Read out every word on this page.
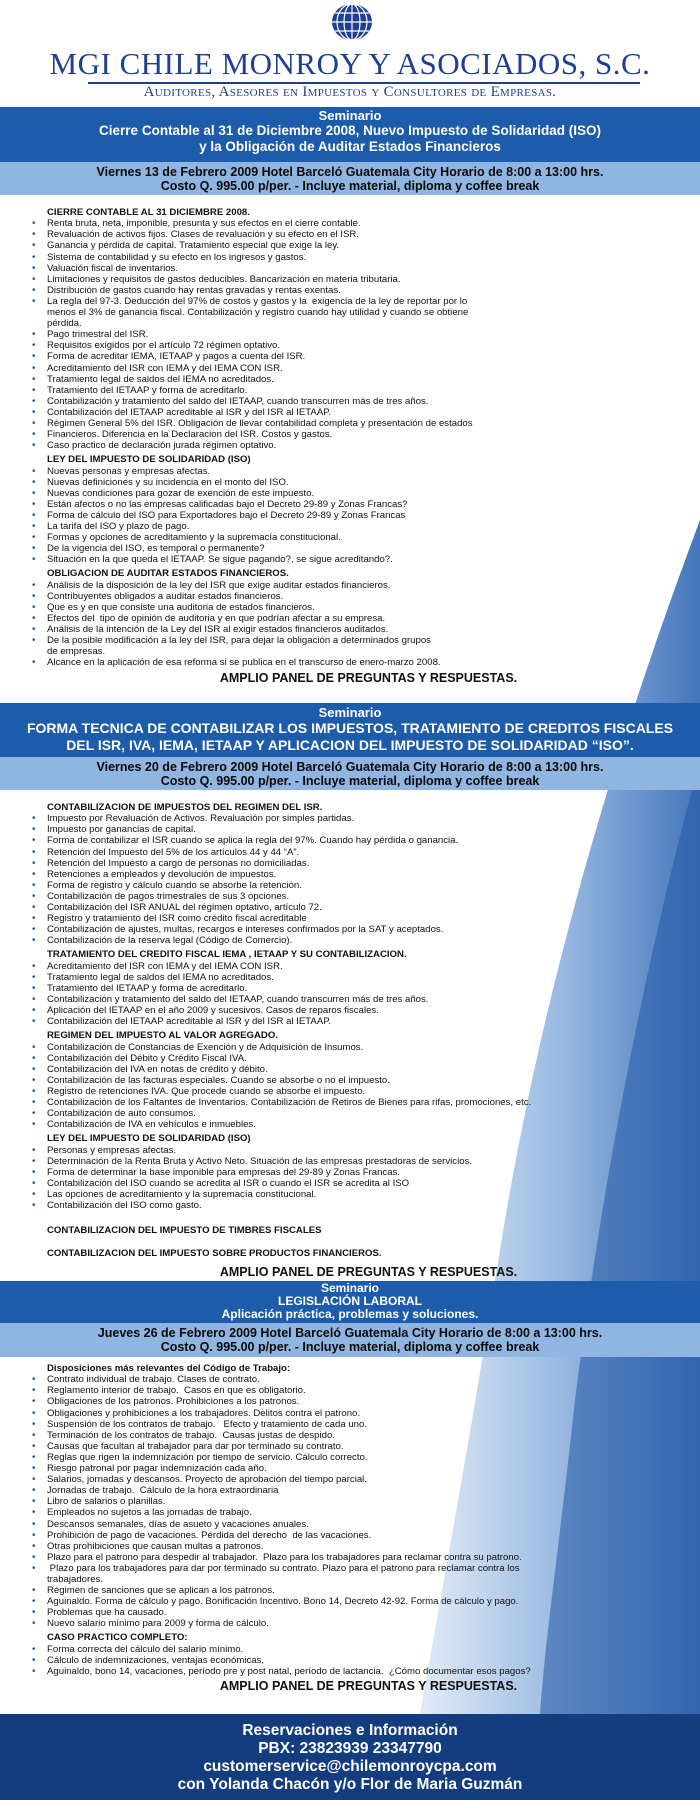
MGI CHILE MONROY Y ASOCIADOS, S.C.
Auditores, Asesores en Impuestos y Consultores de Empresas.
Seminario
Cierre Contable al 31 de Diciembre 2008, Nuevo Impuesto de Solidaridad (ISO)
y la Obligación de Auditar Estados Financieros
Viernes 13 de Febrero 2009 Hotel Barceló Guatemala City Horario de 8:00 a 13:00 hrs.
Costo Q. 995.00 p/per. - Incluye material, diploma y coffee break
CIERRE CONTABLE AL 31 DICIEMBRE 2008.
• Renta bruta, neta, imponible, presunta y sus efectos en el cierre contable.
• Revaluación de activos fijos. Clases de revaluación y su efecto en el ISR.
• Ganancia y pérdida de capital. Tratamiento especial que exige la ley.
• Sistema de contabilidad y su efecto en los ingresos y gastos.
• Valuación fiscal de inventarios.
• Limitaciones y requisitos de gastos deducibles. Bancarización en materia tributaria.
• Distribución de gastos cuando hay rentas gravadas y rentas exentas.
• La regla del 97-3. Deducción del 97% de costos y gastos y la  exigencia de la ley de reportar por lo
menos el 3% de ganancia fiscal. Contabilización y registro cuando hay utilidad y cuando se obtiene
pérdida.
• Pago trimestral del ISR.
• Requisitos exigidos por el artículo 72 régimen optativo.
• Forma de acreditar IEMA, IETAAP y pagos a cuenta del ISR.
• Acreditamiento del ISR con IEMA y del IEMA CON ISR.
• Tratamiento legal de saldos del IEMA no acreditados.
• Tratamiento del IETAAP y forma de acreditarlo.
• Contabilización y tratamiento del saldo del IETAAP, cuando transcurren más de tres años.
• Contabilización del IETAAP acreditable al ISR y del ISR al IETAAP.
• Régimen General 5% del ISR. Obligación de llevar contabilidad completa y presentación de estados
• Financieros. Diferencia en la Declaracion del ISR. Costos y gastos.
• Caso practico de declaración jurada régimen optativo.
LEY DEL IMPUESTO DE SOLIDARIDAD (ISO)
• Nuevas personas y empresas afectas.
• Nuevas definiciones y su incidencia en el monto del ISO.
• Nuevas condiciones para gozar de exención de este impuesto.
• Están afectos o no las empresas calificadas bajo el Decreto 29-89 y Zonas Francas?
• Forma de cálculo del ISO para Exportadores bajo el Decreto 29-89 y Zonas Francas
• La tarifa del ISO y plazo de pago.
• Formas y opciones de acreditamiento y la supremacía constitucional.
• De la vigencia del ISO, es temporal o permanente?
• Situación en la que queda el IETAAP. Se sigue pagando?, se sigue acreditando?.
OBLIGACION DE AUDITAR ESTADOS FINANCIEROS.
• Análisis de la disposición de la ley del ISR que exige auditar estados financieros.
• Contribuyentes obligados a auditar estados financieros.
• Que es y en que consiste una auditoria de estados financieros.
• Efectos del  tipo de opinión de auditoria y en que podrían afectar a su empresa.
• Análisis de la intención de la Ley del ISR al exigir estados financieros auditados.
• De la posible modificación a la ley del ISR, para dejar la obligación a determinados grupos
de empresas.
• Alcance en la aplicación de esa reforma si se publica en el transcurso de enero-marzo 2008.
AMPLIO PANEL DE PREGUNTAS Y RESPUESTAS.
Seminario
FORMA TECNICA DE CONTABILIZAR LOS IMPUESTOS, TRATAMIENTO DE CREDITOS FISCALES
DEL ISR, IVA, IEMA, IETAAP Y APLICACION DEL IMPUESTO DE SOLIDARIDAD “ISO”.
Viernes 20 de Febrero 2009 Hotel Barceló Guatemala City Horario de 8:00 a 13:00 hrs.
Costo Q. 995.00 p/per. - Incluye material, diploma y coffee break
CONTABILIZACION DE IMPUESTOS DEL REGIMEN DEL ISR.
• Impuesto por Revaluación de Activos. Revaluación por simples partidas.
• Impuesto por ganancias de capital.
• Forma de contabilizar el ISR cuando se aplica la regla del 97%. Cuando hay pérdida o ganancia.
• Retención del Impuesto del 5% de los artículos 44 y 44 “A”.
• Retención del Impuesto a cargo de personas no domiciliadas.
• Retenciones a empleados y devolución de impuestos.
• Forma de registro y cálculo cuando se absorbe la retención.
• Contabilización de pagos trimestrales de sus 3 opciones.
• Contabilización del ISR ANUAL del régimen optativo, artículo 72.
• Registro y tratamiento del ISR como crédito fiscal acreditable
• Contabilización de ajustes, multas, recargos e intereses confirmados por la SAT y aceptados.
• Contabilización de la reserva legal (Código de Comercio).
TRATAMIENTO DEL CREDITO FISCAL IEMA , IETAAP Y SU CONTABILIZACION.
• Acreditamiento del ISR con IEMA y del IEMA CON ISR.
• Tratamiento legal de saldos del IEMA no acreditados.
• Tratamiento del IETAAP y forma de acreditarlo.
• Contabilización y tratamiento del saldo del IETAAP, cuando transcurren más de tres años.
• Aplicación del IETAAP en el año 2009 y sucesivos. Casos de reparos fiscales.
• Contabilización del IETAAP acreditable al ISR y del ISR al IETAAP.
REGIMEN DEL IMPUESTO AL VALOR AGREGADO.
• Contabilización de Constancias de Exención y de Adquisición de Insumos.
• Contabilización del Débito y Crédito Fiscal IVA.
• Contabilización del IVA en notas de crédito y débito.
• Contabilización de las facturas especiales. Cuando se absorbe o no el impuesto.
• Registro de retenciones IVA. Que procede cuando se absorbe el impuesto.
• Contabilización de los Faltantes de Inventarios. Contabilización de Retiros de Bienes para rifas, promociones, etc.
• Contabilización de auto consumos.
• Contabilización de IVA en vehículos e inmuebles.
LEY DEL IMPUESTO DE SOLIDARIDAD (ISO)
• Personas y empresas afectas.
• Determinación de la Renta Bruta y Activo Neto. Situación de las empresas prestadoras de servicios.
• Forma de determinar la base imponible para empresas del 29-89 y Zonas Francas.
• Contabilización del ISO cuando se acredita al ISR o cuando el ISR se acredita al ISO
• Las opciones de acreditamiento y la supremacía constitucional.
• Contabilización del ISO como gasto.
CONTABILIZACION DEL IMPUESTO DE TIMBRES FISCALES
CONTABILIZACION DEL IMPUESTO SOBRE PRODUCTOS FINANCIEROS.
AMPLIO PANEL DE PREGUNTAS Y RESPUESTAS.
Seminario
LEGISLACIÓN LABORAL
Aplicación práctica, problemas y soluciones.
Jueves 26 de Febrero 2009 Hotel Barceló Guatemala City Horario de 8:00 a 13:00 hrs.
Costo Q. 995.00 p/per. - Incluye material, diploma y coffee break
Disposiciones más relevantes del Código de Trabajo:
• Contrato individual de trabajo. Clases de contrato.
• Reglamento interior de trabajo.  Casos en que es obligatorio.
• Obligaciones de los patronos. Prohibiciones a los patronos.
• Obligaciones y prohibiciones a los trabajadores. Delitos contra el patrono.
• Suspensión de los contratos de trabajo.   Efecto y tratamiento de cada uno.
• Terminación de los contratos de trabajo.  Causas justas de despido.
• Causas que facultan al trabajador para dar por terminado su contrato.
• Reglas que rigen la indemnización por tiempo de servicio. Cálculo correcto.
• Riesgo patronal por pagar indemnización cada año.
• Salarios, jornadas y descansos. Proyecto de aprobación del tiempo parcial.
• Jornadas de trabajo.  Cálculo de la hora extraordinaria
• Libro de salarios o planillas.
• Empleados no sujetos a las jornadas de trabajo.
• Descansos semanales, días de asueto y vacaciones anuales.
• Prohibición de pago de vacaciones. Pérdida del derecho  de las vacaciones.
• Otras prohibiciones que causan multas a patronos.
• Plazo para el patrono para despedir al trabajador.  Plazo para los trabajadores para reclamar contra su patrono.
•  Plazo para los trabajadores para dar por terminado su contrato. Plazo para el patrono para reclamar contra los
trabajadores.
• Régimen de sanciones que se aplican a los patronos.
• Aguinaldo. Forma de cálculo y pago. Bonificación Incentivo. Bono 14, Decreto 42-92. Forma de cálculo y pago.
• Problemas que ha causado.
• Nuevo salario mínimo para 2009 y forma de cálculo.
CASO PRACTICO COMPLETO:
• Forma correcta del cálculo del salario mínimo.
• Cálculo de indemnizaciones, ventajas económicas,
• Aguinaldo, bono 14, vacaciones, período pre y post natal, período de lactancia.  ¿Cómo documentar esos pagos?
AMPLIO PANEL DE PREGUNTAS Y RESPUESTAS.
Reservaciones e Información
PBX: 23823939 23347790
customerservice@chilemonroycpa.com
con Yolanda Chacón y/o Flor de Maria Guzmán
